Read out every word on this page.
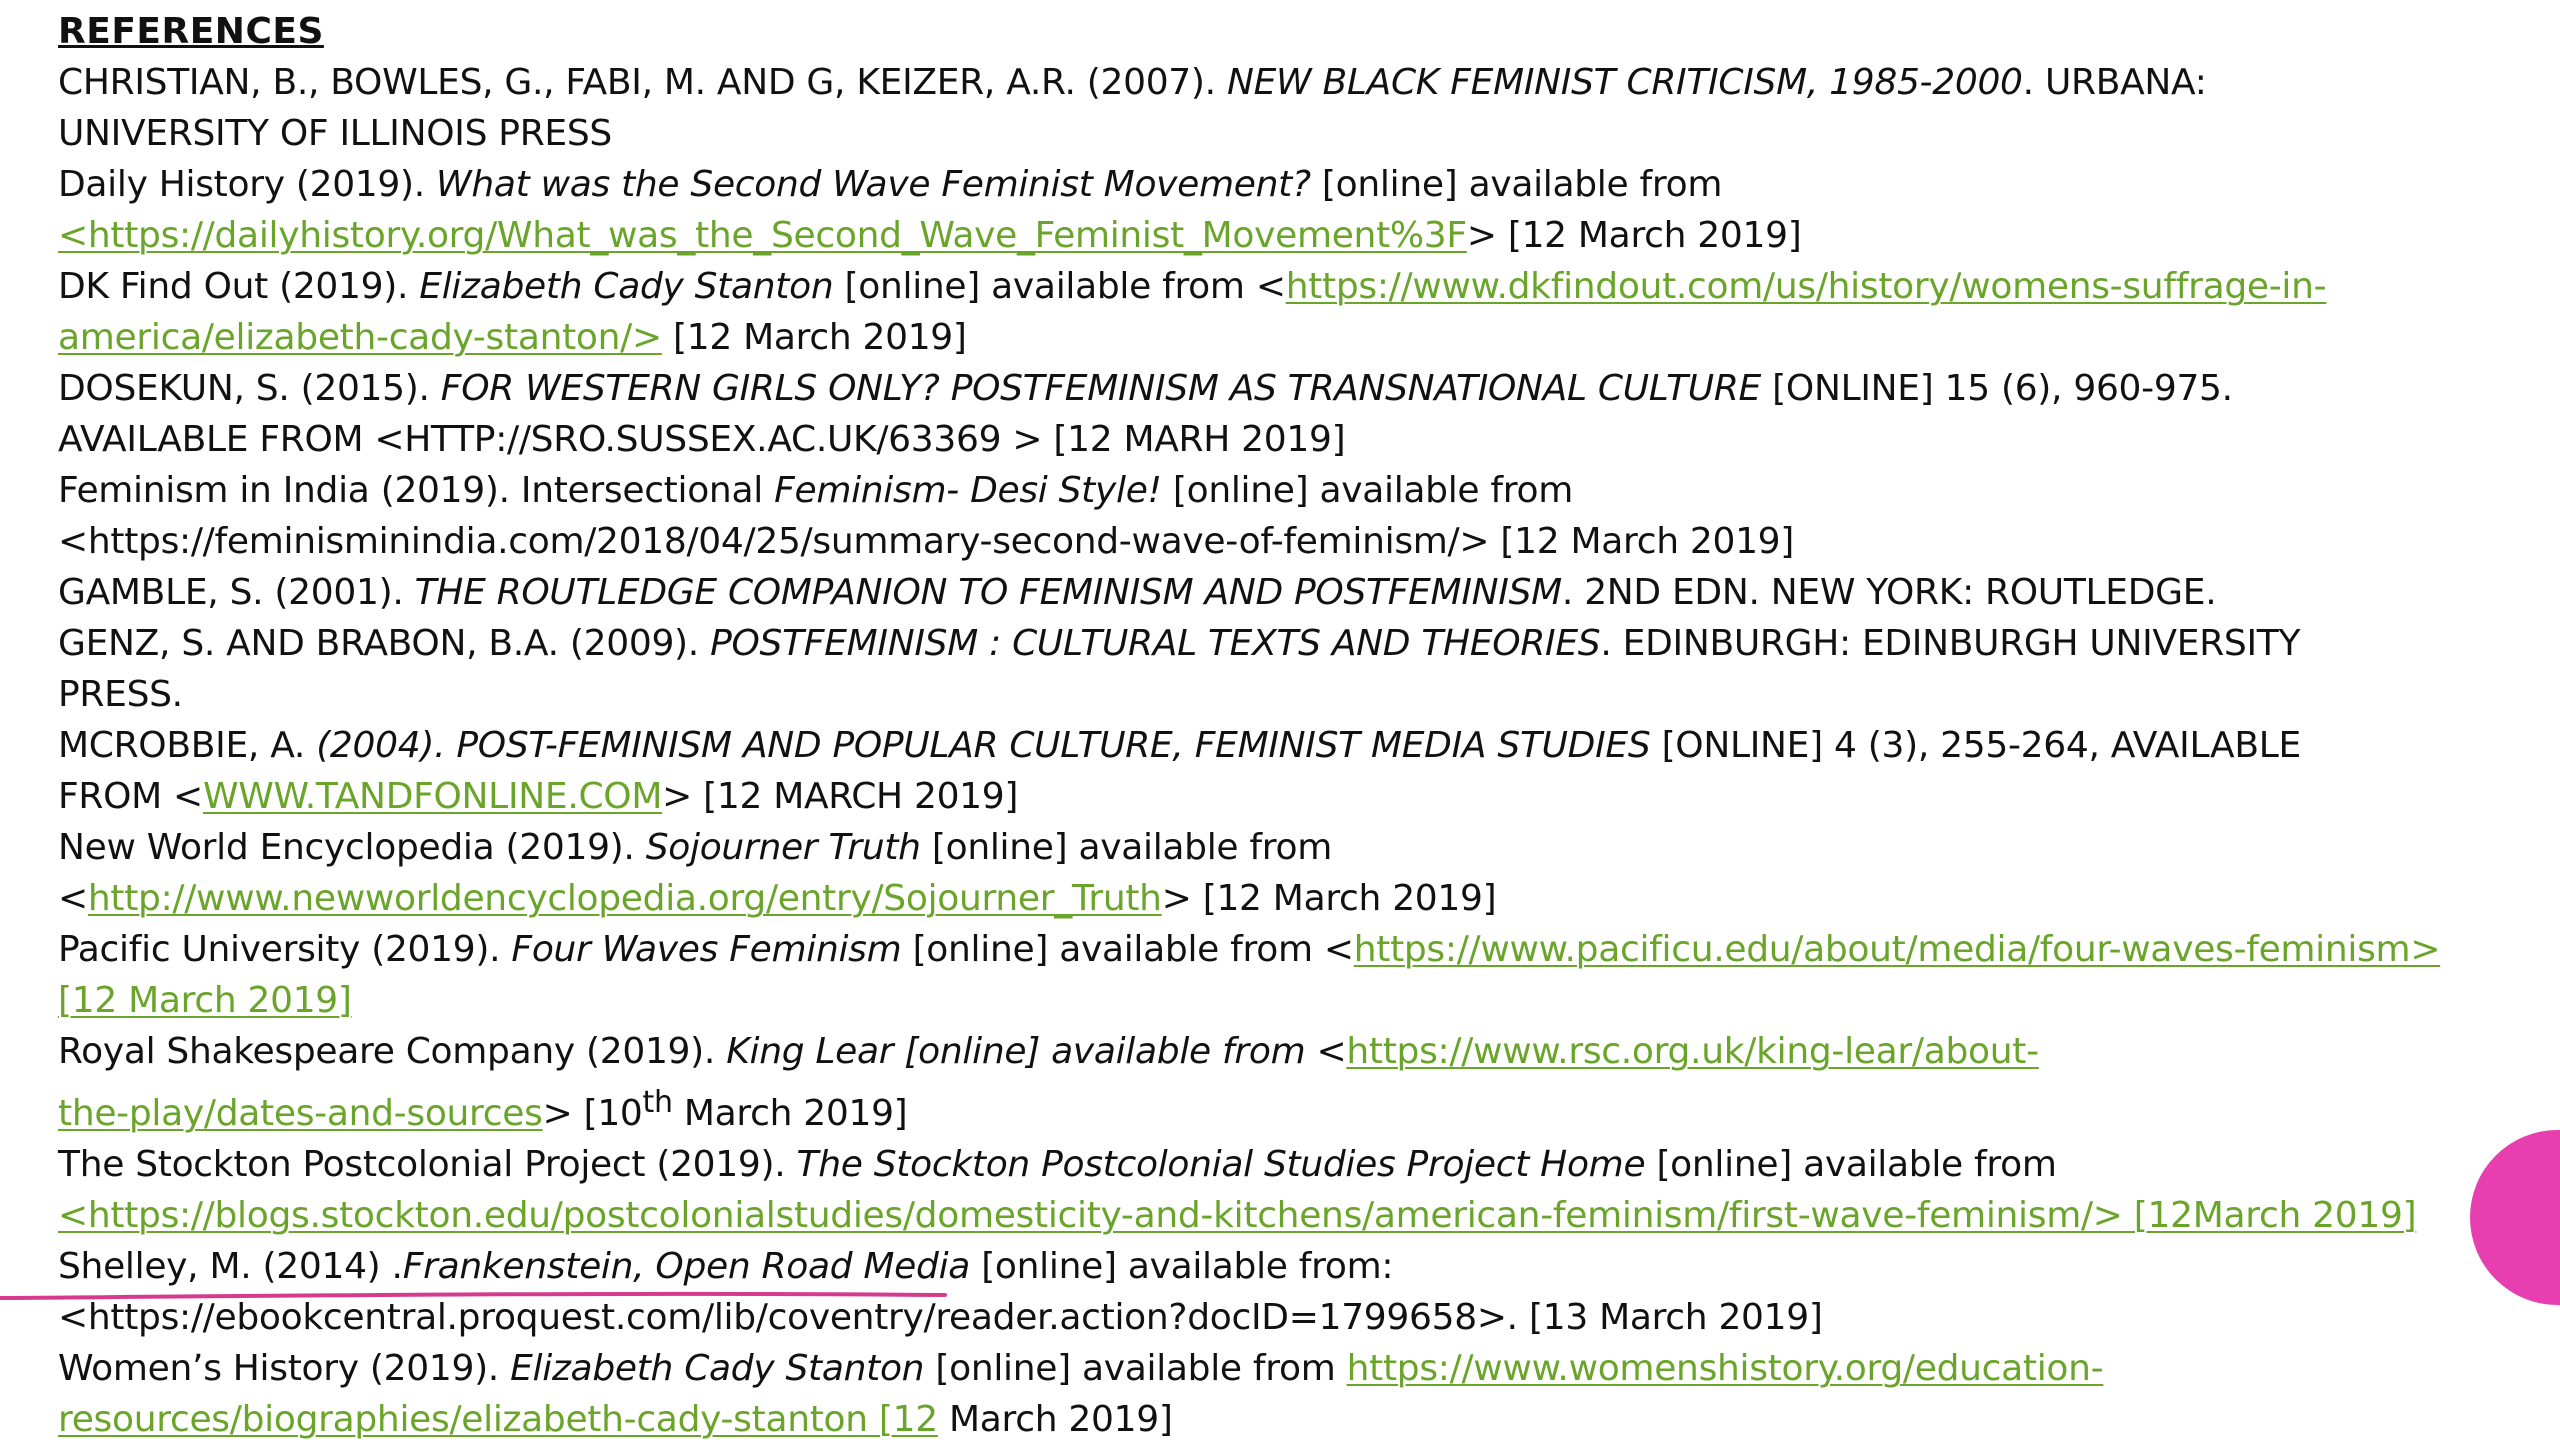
REFERENCES
CHRISTIAN, B., BOWLES, G., FABI, M. AND G, KEIZER, A.R. (2007). NEW BLACK FEMINIST CRITICISM, 1985-2000. URBANA:
UNIVERSITY OF ILLINOIS PRESS
Daily History (2019). What was the Second Wave Feminist Movement? [online] available from
<https://dailyhistory.org/What_was_the_Second_Wave_Feminist_Movement%3F> [12 March 2019]
DK Find Out (2019). Elizabeth Cady Stanton [online] available from <https://www.dkfindout.com/us/history/womens-suffrage-in-
america/elizabeth-cady-stanton/> [12 March 2019]
DOSEKUN, S. (2015). FOR WESTERN GIRLS ONLY? POSTFEMINISM AS TRANSNATIONAL CULTURE [ONLINE] 15 (6), 960-975.
AVAILABLE FROM <HTTP://SRO.SUSSEX.AC.UK/63369 > [12 MARH 2019]
Feminism in India (2019). Intersectional Feminism- Desi Style! [online] available from
<https://feminisminindia.com/2018/04/25/summary-second-wave-of-feminism/> [12 March 2019]
GAMBLE, S. (2001). THE ROUTLEDGE COMPANION TO FEMINISM AND POSTFEMINISM. 2ND EDN. NEW YORK: ROUTLEDGE.
GENZ, S. AND BRABON, B.A. (2009). POSTFEMINISM : CULTURAL TEXTS AND THEORIES. EDINBURGH: EDINBURGH UNIVERSITY
PRESS.
MCROBBIE, A. (2004). POST-FEMINISM AND POPULAR CULTURE, FEMINIST MEDIA STUDIES [ONLINE] 4 (3), 255-264, AVAILABLE
FROM <WWW.TANDFONLINE.COM> [12 MARCH 2019]
New World Encyclopedia (2019). Sojourner Truth [online] available from
<http://www.newworldencyclopedia.org/entry/Sojourner_Truth> [12 March 2019]
Pacific University (2019). Four Waves Feminism [online] available from <https://www.pacificu.edu/about/media/four-waves-feminism>
[12 March 2019]
Royal Shakespeare Company (2019). King Lear [online] available from <https://www.rsc.org.uk/king-lear/about-
the-play/dates-and-sources> [10th March 2019]
The Stockton Postcolonial Project (2019). The Stockton Postcolonial Studies Project Home [online] available from
<https://blogs.stockton.edu/postcolonialstudies/domesticity-and-kitchens/american-feminism/first-wave-feminism/> [12March 2019]
Shelley, M. (2014) .Frankenstein, Open Road Media [online] available from:
<https://ebookcentral.proquest.com/lib/coventry/reader.action?docID=1799658>. [13 March 2019]
Women’s History (2019). Elizabeth Cady Stanton [online] available from https://www.womenshistory.org/education-
resources/biographies/elizabeth-cady-stanton [12 March 2019]
